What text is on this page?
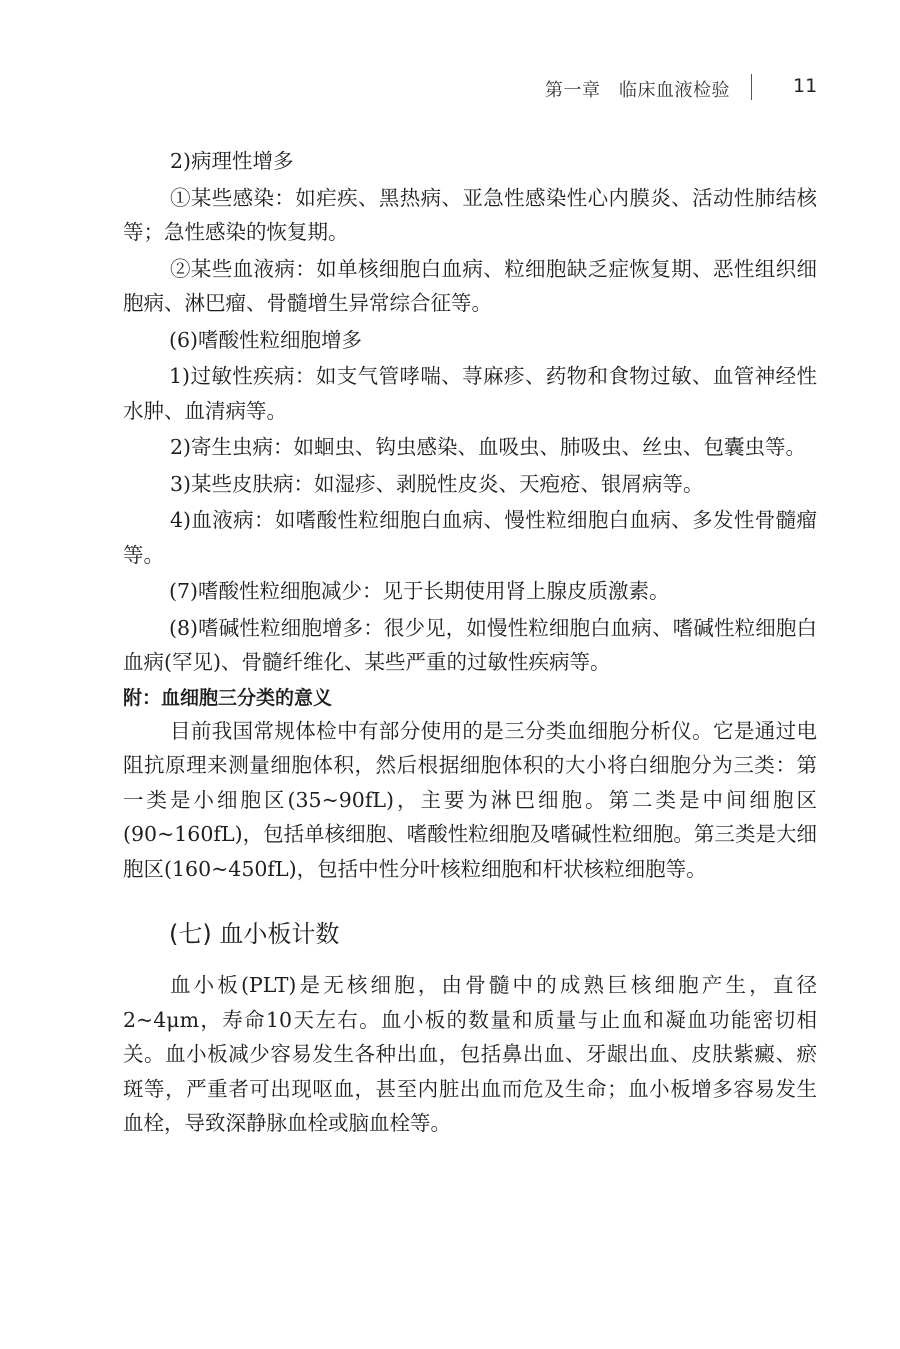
第一章　临床血液检验	11

2)病理性增多

①某些感染：如疟疾、黑热病、亚急性感染性心内膜炎、活动性肺结核等；急性感染的恢复期。

②某些血液病：如单核细胞白血病、粒细胞缺乏症恢复期、恶性组织细胞病、淋巴瘤、骨髓增生异常综合征等。

(6)嗜酸性粒细胞增多

1)过敏性疾病：如支气管哮喘、荨麻疹、药物和食物过敏、血管神经性水肿、血清病等。

2)寄生虫病：如蛔虫、钩虫感染、血吸虫、肺吸虫、丝虫、包囊虫等。

3)某些皮肤病：如湿疹、剥脱性皮炎、天疱疮、银屑病等。

4)血液病：如嗜酸性粒细胞白血病、慢性粒细胞白血病、多发性骨髓瘤等。

(7)嗜酸性粒细胞减少：见于长期使用肾上腺皮质激素。

(8)嗜碱性粒细胞增多：很少见，如慢性粒细胞白血病、嗜碱性粒细胞白血病(罕见)、骨髓纤维化、某些严重的过敏性疾病等。

附：血细胞三分类的意义

目前我国常规体检中有部分使用的是三分类血细胞分析仪。它是通过电阻抗原理来测量细胞体积，然后根据细胞体积的大小将白细胞分为三类：第一类是小细胞区(35~90fL)，主要为淋巴细胞。第二类是中间细胞区(90~160fL)，包括单核细胞、嗜酸性粒细胞及嗜碱性粒细胞。第三类是大细胞区(160~450fL)，包括中性分叶核粒细胞和杆状核粒细胞等。

(七) 血小板计数

血小板(PLT)是无核细胞，由骨髓中的成熟巨核细胞产生，直径2~4μm，寿命10天左右。血小板的数量和质量与止血和凝血功能密切相关。血小板减少容易发生各种出血，包括鼻出血、牙龈出血、皮肤紫癜、瘀斑等，严重者可出现呕血，甚至内脏出血而危及生命；血小板增多容易发生血栓，导致深静脉血栓或脑血栓等。
